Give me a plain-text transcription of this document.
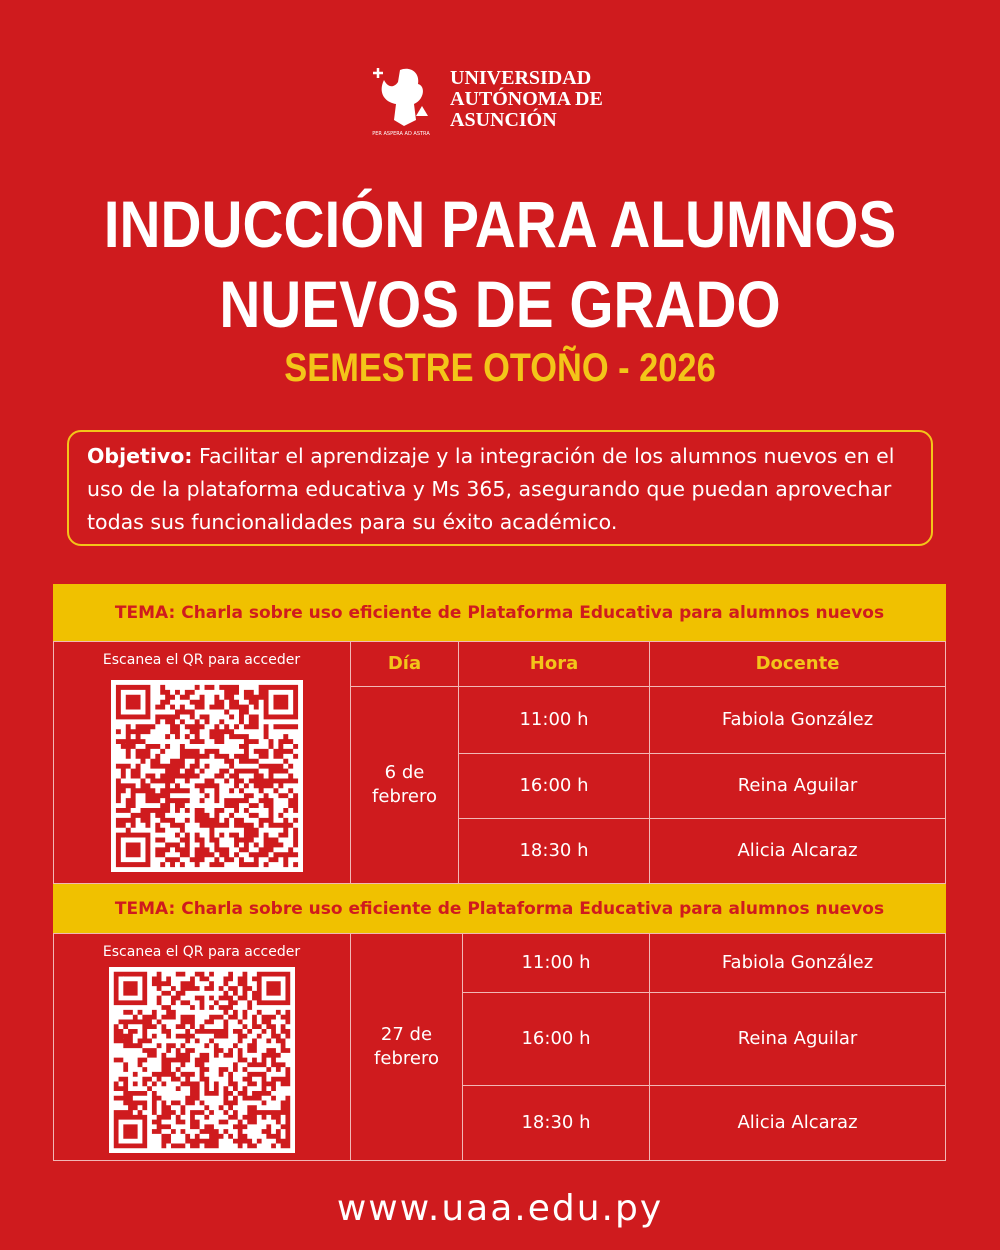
PER ASPERA AD ASTRA
UNIVERSIDAD
AUTÓNOMA DE
ASUNCIÓN
INDUCCIÓN PARA ALUMNOS
NUEVOS DE GRADO
SEMESTRE OTOÑO - 2026
Objetivo: Facilitar el aprendizaje y la integración de los alumnos nuevos en el uso de la plataforma educativa y Ms 365, asegurando que puedan aprovechar todas sus funcionalidades para su éxito académico.
TEMA: Charla sobre uso eficiente de Plataforma Educativa para alumnos nuevos
Escanea el QR para acceder	Día	Hora	Docente
6 de febrero
11:00 h	Fabiola González
16:00 h	Reina Aguilar
18:30 h	Alicia Alcaraz
TEMA: Charla sobre uso eficiente de Plataforma Educativa para alumnos nuevos
Escanea el QR para acceder
27 de febrero
11:00 h	Fabiola González
16:00 h	Reina Aguilar
18:30 h	Alicia Alcaraz
www.uaa.edu.py
